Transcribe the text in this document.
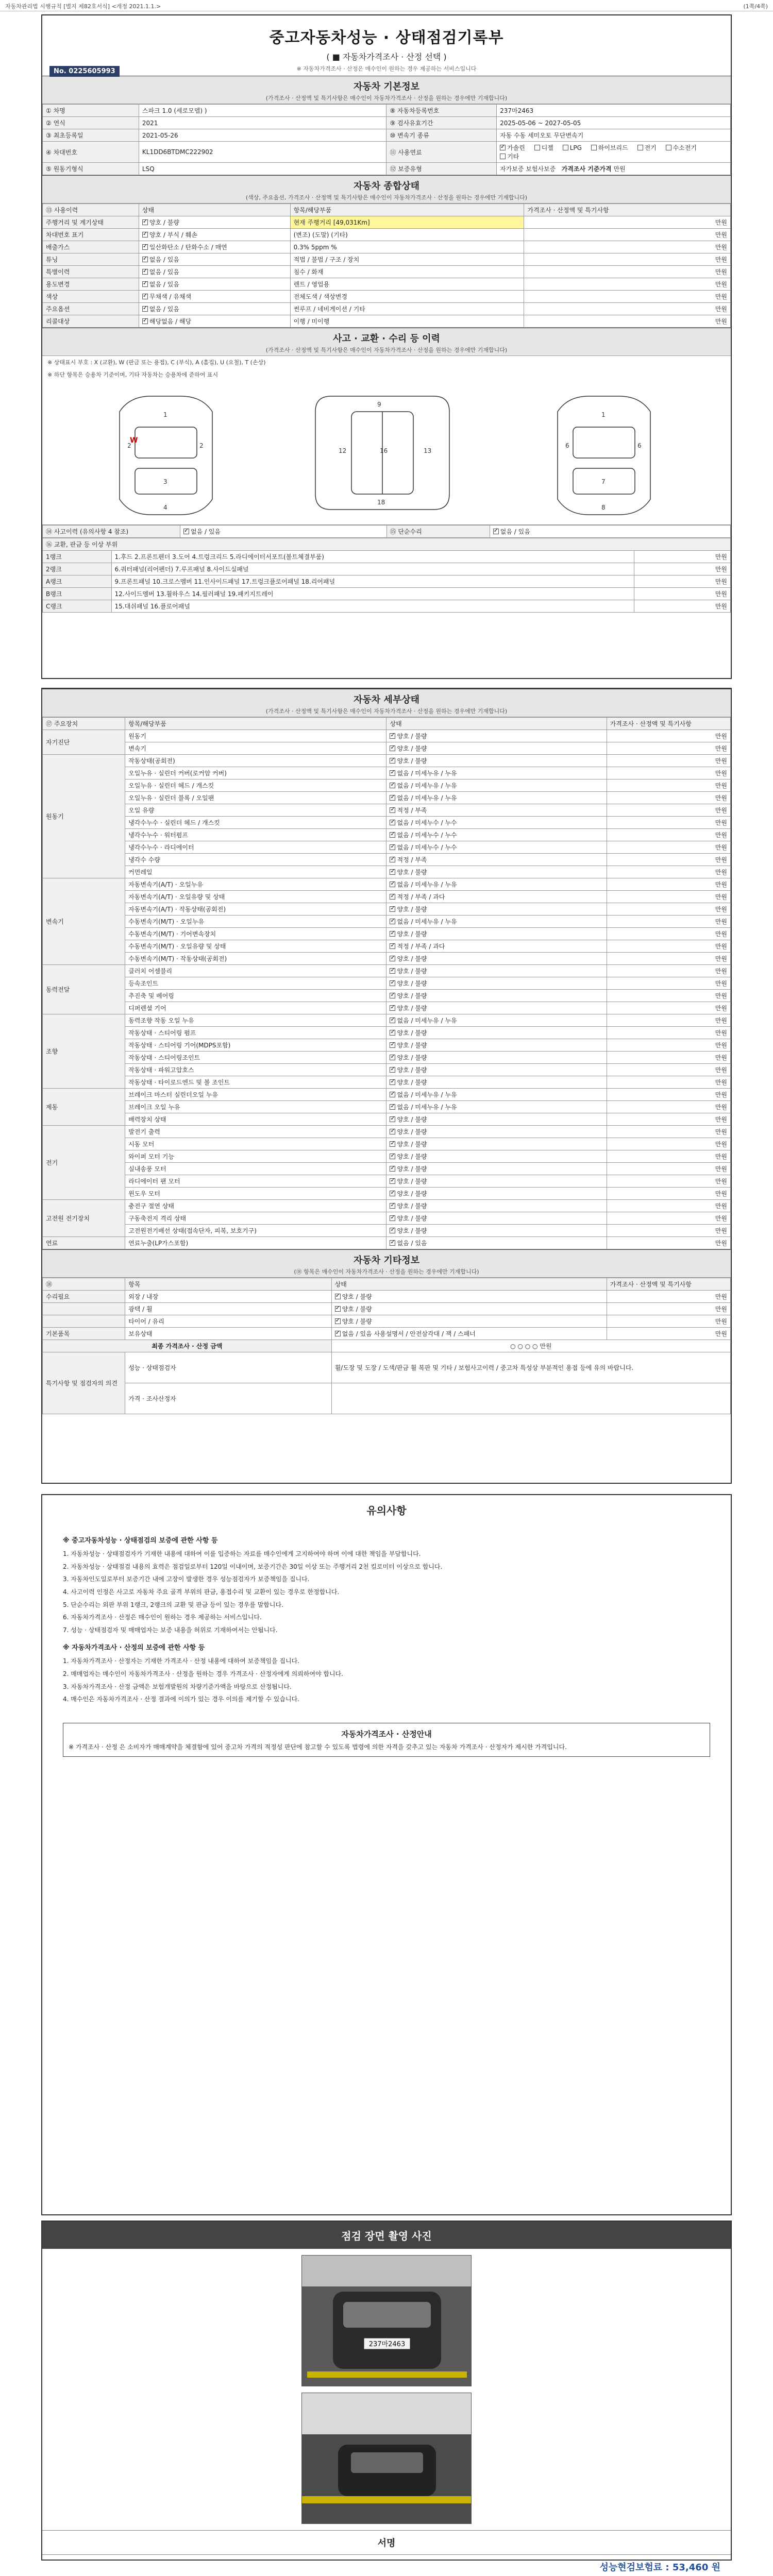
자동차관리법 시행규칙 [별지 제82호서식] <개정 2021.1.1.>	(1쪽/4쪽)
중고자동차성능 · 상태점검기록부
( ■ 자동차가격조사 · 산정 선택 )
※ 자동차가격조사 · 산정은 매수인이 원하는 경우 제공하는 서비스입니다
No. 0225605993
자동차 기본정보
(가격조사 · 산정액 및 특기사항은 매수인이 자동차가격조사 · 산정을 원하는 경우에만 기재합니다)
① 차명	스파크 1.0 (세로모델) )	⑧ 자동차등록번호	237마2463
② 연식	2021	⑨ 검사유효기간	2025-05-06 ~ 2027-05-05
③ 최초등록일	2021-05-26	⑩ 변속기 종류	자동 수동 세미오토 무단변속기
④ 차대번호	KL1DD6BTDMC222902	⑪ 사용연료	✓가솔린 디젤 LPG 하이브리드 전기 수소전기 기타
⑤ 원동기형식	LSQ	⑫ 보증유형	자가보증 보험사보증 가격조사 기준가격 만원
자동차 종합상태
(색상, 주요옵션, 가격조사 · 산정액 및 특기사항은 매수인이 자동차가격조사 · 산정을 원하는 경우에만 기재합니다)
⑬ 사용이력	상태	항목/해당부품	가격조사 · 산정액 및 특기사항
주행거리 및 계기상태	✓양호 / 불량	현재 주행거리 [49,031Km]	만원
차대번호 표기	✓양호 / 부식 / 훼손	(변조) (도말) (기타)	만원
배출가스	✓일산화탄소 / 탄화수소 / 매연	0.3% 5ppm %	만원
튜닝	✓없음 / 있음	적법 / 불법 / 구조 / 장치	만원
특별이력	✓없음 / 있음	침수 / 화재	만원
용도변경	✓없음 / 있음	렌트 / 영업용	만원
색상	✓무채색 / 유채색	전체도색 / 색상변경	만원
주요옵션	✓없음 / 있음	썬루프 / 네비게이션 / 기타	만원
리콜대상	✓해당없음 / 해당	이행 / 미이행	만원
사고 · 교환 · 수리 등 이력
(가격조사 · 산정액 및 특기사항은 매수인이 자동차가격조사 · 산정을 원하는 경우에만 기재합니다)
※ 상태표시 부호 : X (교환), W (판금 또는 용접), C (부식), A (흠집), U (요철), T (손상)
※ 하단 항목은 승용차 기준이며, 기타 자동차는 승용차에 준하여 표시
1
2	2
3
4
9
12	13
16
18
1
6	6
7
8
W
⑭ 사고이력 (유의사항 4 참조)	✓없음 / 있음	⑮ 단순수리	✓없음 / 있음
⑯ 교환, 판금 등 이상 부위		
1랭크	1.후드 2.프론트펜더 3.도어 4.트렁크리드 5.라디에이터서포트(볼트체결부품)	만원
2랭크	6.쿼터패널(리어펜더) 7.루프패널 8.사이드실패널	만원
A랭크	9.프론트패널 10.크로스멤버 11.인사이드패널 17.트렁크플로어패널 18.리어패널	만원
B랭크	12.사이드멤버 13.휠하우스 14.필러패널 19.패키지트레이	만원
C랭크	15.대쉬패널 16.플로어패널	만원
자동차 세부상태
(가격조사 · 산정액 및 특기사항은 매수인이 자동차가격조사 · 산정을 원하는 경우에만 기재합니다)
⑰ 주요장치	항목/해당부품	상태	가격조사 · 산정액 및 특기사항
자기진단	원동기	✓양호 / 불량	만원
	변속기	✓양호 / 불량	만원
원동기	작동상태(공회전)	✓양호 / 불량	만원
	오일누유 · 실린더 커버(로커암 커버)	✓없음 / 미세누유 / 누유	만원
	오일누유 · 실린더 헤드 / 개스킷	✓없음 / 미세누유 / 누유	만원
	오일누유 · 실린더 블록 / 오일팬	✓없음 / 미세누유 / 누유	만원
	오일 유량	✓적정 / 부족	만원
	냉각수누수 · 실린더 헤드 / 개스킷	✓없음 / 미세누수 / 누수	만원
	냉각수누수 · 워터펌프	✓없음 / 미세누수 / 누수	만원
	냉각수누수 · 라디에이터	✓없음 / 미세누수 / 누수	만원
	냉각수 수량	✓적정 / 부족	만원
	커먼레일	✓양호 / 불량	만원
변속기	자동변속기(A/T) · 오일누유	✓없음 / 미세누유 / 누유	만원
	자동변속기(A/T) · 오일유량 및 상태	✓적정 / 부족 / 과다	만원
	자동변속기(A/T) · 작동상태(공회전)	✓양호 / 불량	만원
	수동변속기(M/T) · 오일누유	✓없음 / 미세누유 / 누유	만원
	수동변속기(M/T) · 기어변속장치	✓양호 / 불량	만원
	수동변속기(M/T) · 오일유량 및 상태	✓적정 / 부족 / 과다	만원
	수동변속기(M/T) · 작동상태(공회전)	✓양호 / 불량	만원
동력전달	클러치 어셈블리	✓양호 / 불량	만원
	등속조인트	✓양호 / 불량	만원
	추진축 및 베어링	✓양호 / 불량	만원
	디퍼렌셜 기어	✓양호 / 불량	만원
조향	동력조향 작동 오일 누유	✓없음 / 미세누유 / 누유	만원
	작동상태 · 스티어링 펌프	✓양호 / 불량	만원
	작동상태 · 스티어링 기어(MDPS포함)	✓양호 / 불량	만원
	작동상태 · 스티어링조인트	✓양호 / 불량	만원
	작동상태 · 파워고압호스	✓양호 / 불량	만원
	작동상태 · 타이로드엔드 및 볼 조인트	✓양호 / 불량	만원
제동	브레이크 마스터 실린더오일 누유	✓없음 / 미세누유 / 누유	만원
	브레이크 오일 누유	✓없음 / 미세누유 / 누유	만원
	배력장치 상태	✓양호 / 불량	만원
전기	발전기 출력	✓양호 / 불량	만원
	시동 모터	✓양호 / 불량	만원
	와이퍼 모터 기능	✓양호 / 불량	만원
	실내송풍 모터	✓양호 / 불량	만원
	라디에이터 팬 모터	✓양호 / 불량	만원
	윈도우 모터	✓양호 / 불량	만원
고전원 전기장치	충전구 절연 상태	✓양호 / 불량	만원
	구동축전지 격리 상태	✓양호 / 불량	만원
	고전원전기배선 상태(접속단자, 피복, 보호기구)	✓양호 / 불량	만원
연료	연료누출(LP가스포함)	✓없음 / 있음	만원
자동차 기타정보
(⑱ 항목은 매수인이 자동차가격조사 · 산정을 원하는 경우에만 기재합니다)
⑱	항목	상태	가격조사 · 산정액 및 특기사항
수리필요	외장 / 내장	✓양호 / 불량	만원
	광택 / 휠	✓양호 / 불량	만원
	타이어 / 유리	✓양호 / 불량	만원
기본품목	보유상태	✓없음 / 있음 사용설명서 / 안전삼각대 / 잭 / 스패너	만원
최종 가격조사 · 산정 금액		○ ○ ○ ○ 만원	
특기사항 및 점검자의 의견	성능 · 상태점검자	휠/도장 및 도장 / 도색/판금 휠 복판 및 기타 / 보험사고이력 / 중고차 특성상 부분적인 용접 등에 유의 바랍니다.	
	가격 · 조사산정자		
유의사항
※ 중고자동차성능 · 상태점검의 보증에 관한 사항 등

1. 자동차성능 · 상태점검자가 기재한 내용에 대하여 이를 입증하는 자료를 매수인에게 고지하여야 하며 이에 대한 책임을 부담합니다.

2. 자동차성능 · 상태점검 내용의 효력은 점검일로부터 120일 이내이며, 보증기간은 30일 이상 또는 주행거리 2천 킬로미터 이상으로 합니다.

3. 자동차인도일로부터 보증기간 내에 고장이 발생한 경우 성능점검자가 보증책임을 집니다.

4. 사고이력 인정은 사고로 자동차 주요 골격 부위의 판금, 용접수리 및 교환이 있는 경우로 한정합니다.

5. 단순수리는 외판 부위 1랭크, 2랭크의 교환 및 판금 등이 있는 경우를 말합니다.

6. 자동차가격조사 · 산정은 매수인이 원하는 경우 제공하는 서비스입니다.

7. 성능 · 상태점검자 및 매매업자는 보증 내용을 허위로 기재하여서는 안됩니다.

※ 자동차가격조사 · 산정의 보증에 관한 사항 등

1. 자동차가격조사 · 산정자는 기재한 가격조사 · 산정 내용에 대하여 보증책임을 집니다.

2. 매매업자는 매수인이 자동차가격조사 · 산정을 원하는 경우 가격조사 · 산정자에게 의뢰하여야 합니다.

3. 자동차가격조사 · 산정 금액은 보험개발원의 차량기준가액을 바탕으로 산정됩니다.

4. 매수인은 자동차가격조사 · 산정 결과에 이의가 있는 경우 이의를 제기할 수 있습니다.

자동차가격조사 · 산정안내
※ 가격조사 · 산정 은 소비자가 매매계약을 체결함에 있어 중고차 가격의 적정성 판단에 참고할 수 있도록 법령에 의한 자격을 갖추고 있는 자동차 가격조사 · 산정자가 제시한 가격입니다.
점검 장면 촬영 사진
237마2463
서명
성능현검보험료 : 53,460 원
